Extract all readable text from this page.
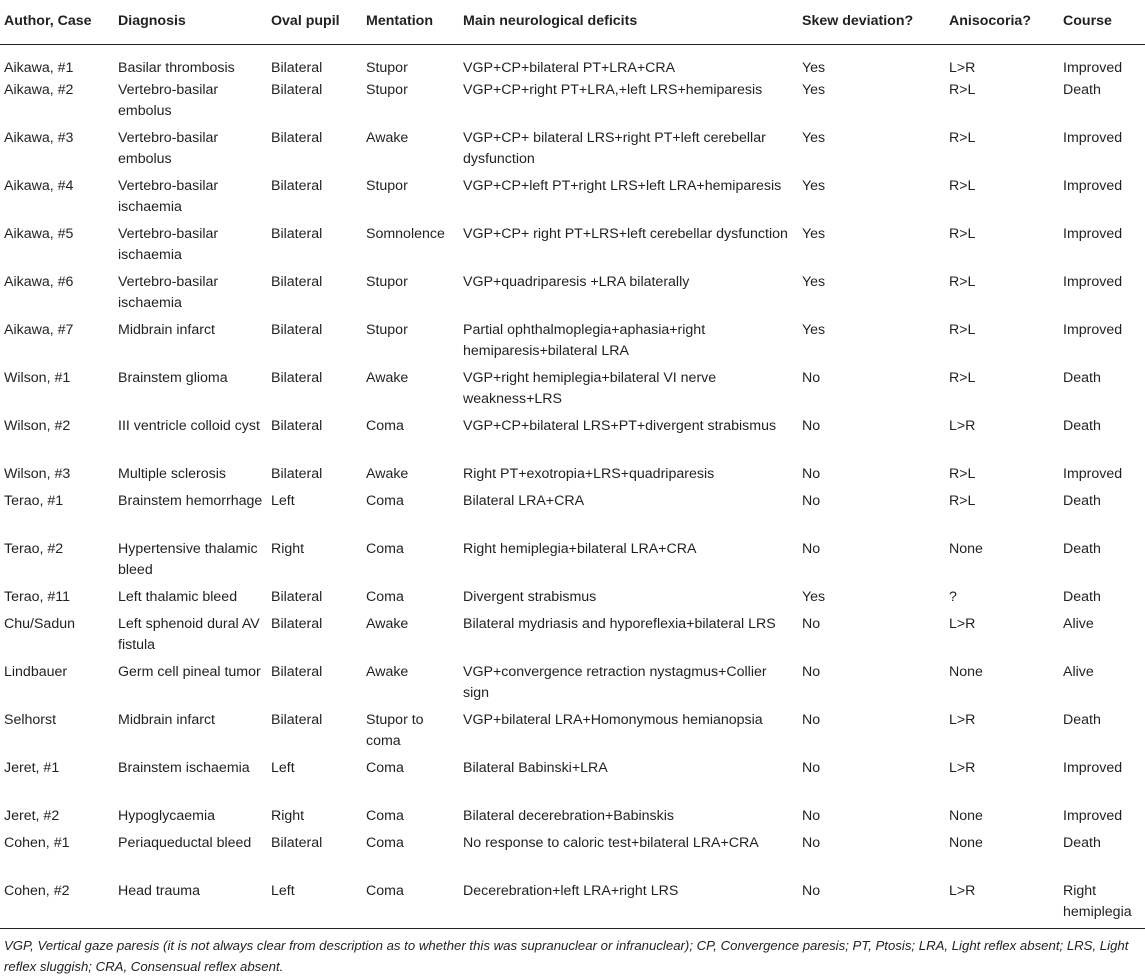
Author, Case	Diagnosis	Oval pupil	Mentation	Main neurological deficits	Skew deviation?	Anisocoria?	Course
Aikawa, #1	Basilar thrombosis	Bilateral	Stupor	VGP+CP+bilateral PT+LRA+CRA	Yes	L>R	Improved
Aikawa, #2	Vertebro-basilar embolus	Bilateral	Stupor	VGP+CP+right PT+LRA,+left LRS+hemiparesis	Yes	R>L	Death
Aikawa, #3	Vertebro-basilar embolus	Bilateral	Awake	VGP+CP+ bilateral LRS+right PT+left cerebellar dysfunction	Yes	R>L	Improved
Aikawa, #4	Vertebro-basilar ischaemia	Bilateral	Stupor	VGP+CP+left PT+right LRS+left LRA+hemiparesis	Yes	R>L	Improved
Aikawa, #5	Vertebro-basilar ischaemia	Bilateral	Somnolence	VGP+CP+ right PT+LRS+left cerebellar dysfunction	Yes	R>L	Improved
Aikawa, #6	Vertebro-basilar ischaemia	Bilateral	Stupor	VGP+quadriparesis +LRA bilaterally	Yes	R>L	Improved
Aikawa, #7	Midbrain infarct	Bilateral	Stupor	Partial ophthalmoplegia+aphasia+right hemiparesis+bilateral LRA	Yes	R>L	Improved
Wilson, #1	Brainstem glioma	Bilateral	Awake	VGP+right hemiplegia+bilateral VI nerve weakness+LRS	No	R>L	Death
Wilson, #2	III ventricle colloid cyst	Bilateral	Coma	VGP+CP+bilateral LRS+PT+divergent strabismus	No	L>R	Death
Wilson, #3	Multiple sclerosis	Bilateral	Awake	Right PT+exotropia+LRS+quadriparesis	No	R>L	Improved
Terao, #1	Brainstem hemorrhage	Left	Coma	Bilateral LRA+CRA	No	R>L	Death
Terao, #2	Hypertensive thalamic bleed	Right	Coma	Right hemiplegia+bilateral LRA+CRA	No	None	Death
Terao, #11	Left thalamic bleed	Bilateral	Coma	Divergent strabismus	Yes	?	Death
Chu/Sadun	Left sphenoid dural AV fistula	Bilateral	Awake	Bilateral mydriasis and hyporeflexia+bilateral LRS	No	L>R	Alive
Lindbauer	Germ cell pineal tumor	Bilateral	Awake	VGP+convergence retraction nystagmus+Collier sign	No	None	Alive
Selhorst	Midbrain infarct	Bilateral	Stupor to coma	VGP+bilateral LRA+Homonymous hemianopsia	No	L>R	Death
Jeret, #1	Brainstem ischaemia	Left	Coma	Bilateral Babinski+LRA	No	L>R	Improved
Jeret, #2	Hypoglycaemia	Right	Coma	Bilateral decerebration+Babinskis	No	None	Improved
Cohen, #1	Periaqueductal bleed	Bilateral	Coma	No response to caloric test+bilateral LRA+CRA	No	None	Death
Cohen, #2	Head trauma	Left	Coma	Decerebration+left LRA+right LRS	No	L>R	Right hemiplegia
VGP, Vertical gaze paresis (it is not always clear from description as to whether this was supranuclear or infranuclear); CP, Convergence paresis; PT, Ptosis; LRA, Light reflex absent; LRS, Light reflex sluggish; CRA, Consensual reflex absent.
